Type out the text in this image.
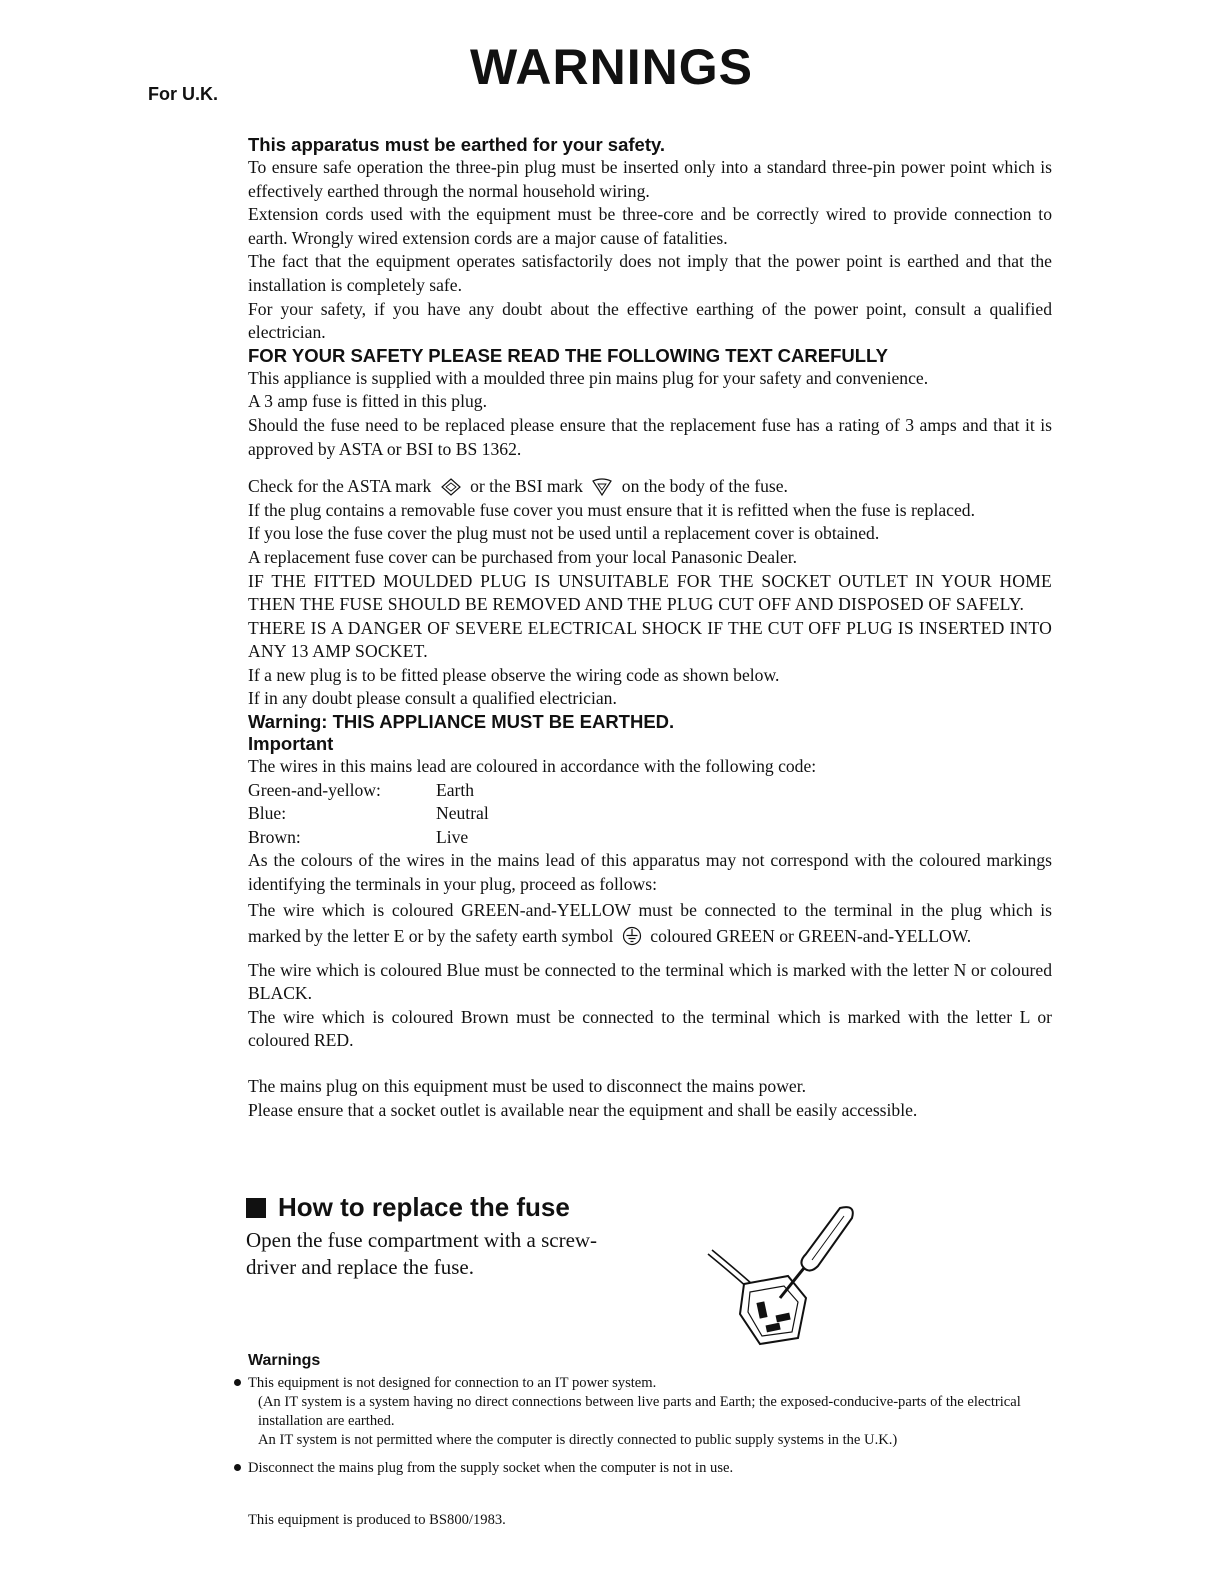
WARNINGS
For U.K.
This apparatus must be earthed for your safety.
To ensure safe operation the three-pin plug must be inserted only into a standard three-pin power point which is effectively earthed through the normal household wiring.
Extension cords used with the equipment must be three-core and be correctly wired to provide connection to earth. Wrongly wired extension cords are a major cause of fatalities.
The fact that the equipment operates satisfactorily does not imply that the power point is earthed and that the installation is completely safe.
For your safety, if you have any doubt about the effective earthing of the power point, consult a qualified electrician.
FOR YOUR SAFETY PLEASE READ THE FOLLOWING TEXT CAREFULLY
This appliance is supplied with a moulded three pin mains plug for your safety and convenience.
A 3 amp fuse is fitted in this plug.
Should the fuse need to be replaced please ensure that the replacement fuse has a rating of 3 amps and that it is approved by ASTA or BSI to BS 1362.
Check for the ASTA mark or the BSI mark on the body of the fuse.
If the plug contains a removable fuse cover you must ensure that it is refitted when the fuse is replaced.
If you lose the fuse cover the plug must not be used until a replacement cover is obtained.
A replacement fuse cover can be purchased from your local Panasonic Dealer.
IF THE FITTED MOULDED PLUG IS UNSUITABLE FOR THE SOCKET OUTLET IN YOUR HOME THEN THE FUSE SHOULD BE REMOVED AND THE PLUG CUT OFF AND DISPOSED OF SAFELY.
THERE IS A DANGER OF SEVERE ELECTRICAL SHOCK IF THE CUT OFF PLUG IS INSERTED INTO ANY 13 AMP SOCKET.
If a new plug is to be fitted please observe the wiring code as shown below.
If in any doubt please consult a qualified electrician.
Warning: THIS APPLIANCE MUST BE EARTHED.
Important
The wires in this mains lead are coloured in accordance with the following code:
Green-and-yellow:	Earth
Blue:	Neutral
Brown:	Live
As the colours of the wires in the mains lead of this apparatus may not correspond with the coloured markings identifying the terminals in your plug, proceed as follows:
The wire which is coloured GREEN-and-YELLOW must be connected to the terminal in the plug which is marked by the letter E or by the safety earth symbol coloured GREEN or GREEN-and-YELLOW.
The wire which is coloured Blue must be connected to the terminal which is marked with the letter N or coloured BLACK.
The wire which is coloured Brown must be connected to the terminal which is marked with the letter L or coloured RED.
The mains plug on this equipment must be used to disconnect the mains power.
Please ensure that a socket outlet is available near the equipment and shall be easily accessible.
How to replace the fuse
Open the fuse compartment with a screw-driver and replace the fuse.
Warnings
This equipment is not designed for connection to an IT power system.
(An IT system is a system having no direct connections between live parts and Earth; the exposed-conducive-parts of the electrical installation are earthed.
An IT system is not permitted where the computer is directly connected to public supply systems in the U.K.)
Disconnect the mains plug from the supply socket when the computer is not in use.
This equipment is produced to BS800/1983.
